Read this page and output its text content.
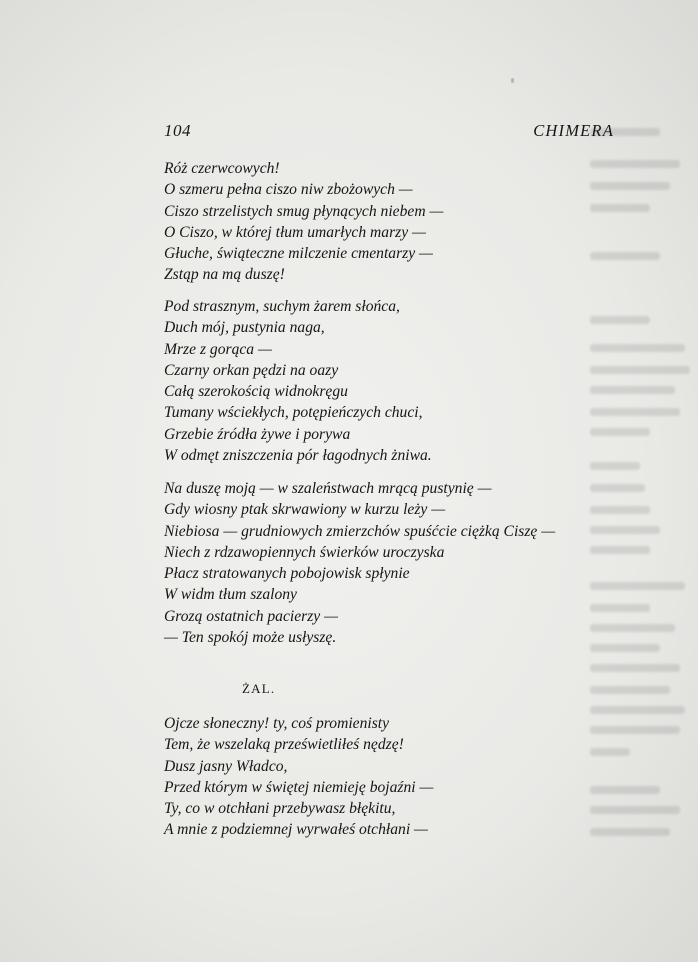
104	CHIMERA
Róż czerwcowych!
O szmeru pełna ciszo niw zbożowych —
Ciszo strzelistych smug płynących niebem —
O Ciszo, w której tłum umarłych marzy —
Głuche, świąteczne milczenie cmentarzy —
Zstąp na mą duszę!
Pod strasznym, suchym żarem słońca,
Duch mój, pustynia naga,
Mrze z gorąca —
Czarny orkan pędzi na oazy
Całą szerokością widnokręgu
Tumany wściekłych, potępieńczych chuci,
Grzebie źródła żywe i porywa
W odmęt zniszczenia pór łagodnych żniwa.
Na duszę moją — w szaleństwach mrącą pustynię —
Gdy wiosny ptak skrwawiony w kurzu leży —
Niebiosa — grudniowych zmierzchów spuśćcie ciężką Ciszę —
Niech z rdzawopiennych świerków uroczyska
Płacz stratowanych pobojowisk spłynie
W widm tłum szalony
Grozą ostatnich pacierzy —
— Ten spokój może usłyszę.
ŻAL.
Ojcze słoneczny! ty, coś promienisty
Tem, że wszelaką prześwietliłeś nędzę!
Dusz jasny Władco,
Przed którym w świętej niemieję bojaźni —
Ty, co w otchłani przebywasz błękitu,
A mnie z podziemnej wyrwałeś otchłani —
